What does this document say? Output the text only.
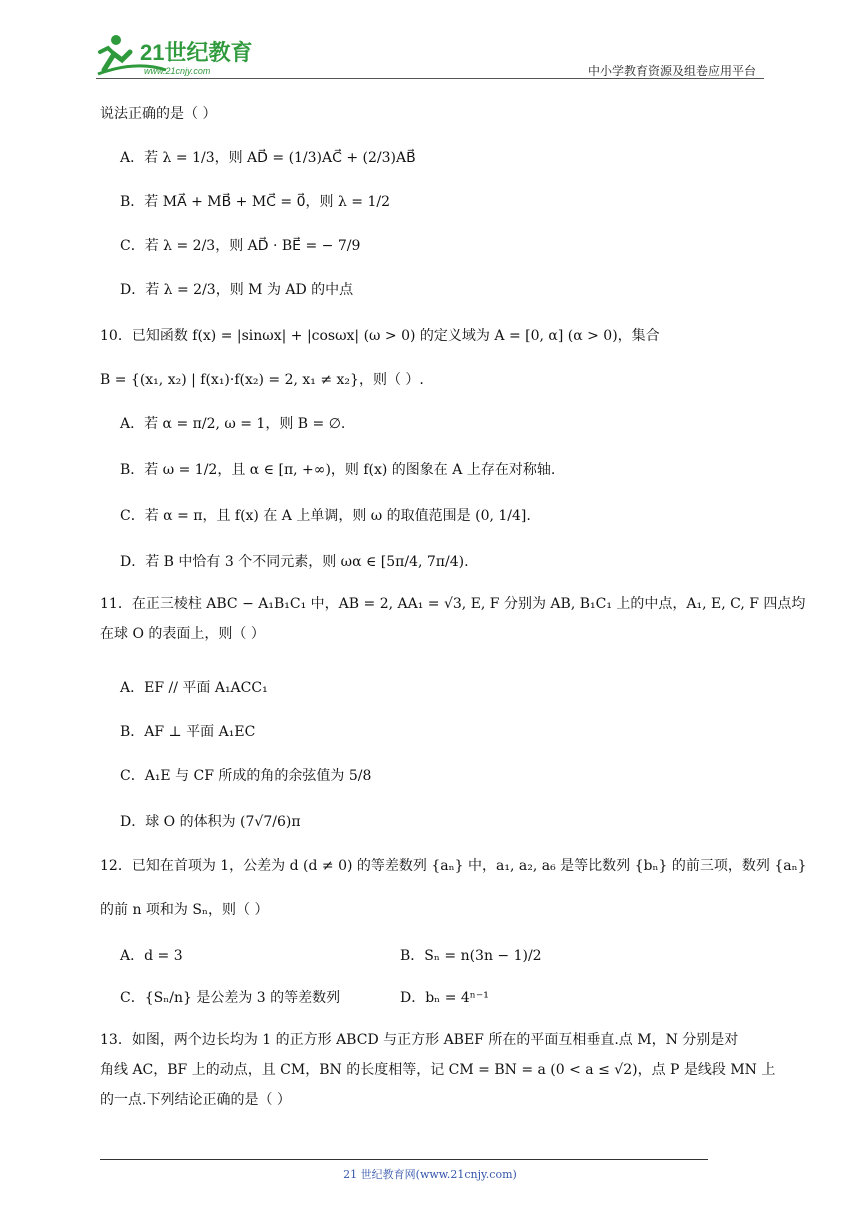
21世纪教育
www.21cnjy.com	中小学教育资源及组卷应用平台
说法正确的是（ ）
A．若 λ = 1/3，则 AD⃗ = (1/3)AC⃗ + (2/3)AB⃗
B．若 MA⃗ + MB⃗ + MC⃗ = 0⃗，则 λ = 1/2
C．若 λ = 2/3，则 AD⃗ · BE⃗ = − 7/9
D．若 λ = 2/3，则 M 为 AD 的中点
10．已知函数 f(x) = |sinωx| + |cosωx| (ω > 0) 的定义域为 A = [0, α] (α > 0)，集合
B = {(x₁, x₂) | f(x₁)·f(x₂) = 2, x₁ ≠ x₂}，则（ ）.
A．若 α = π/2, ω = 1，则 B = ∅.
B．若 ω = 1/2，且 α ∈ [π, +∞)，则 f(x) 的图象在 A 上存在对称轴.
C．若 α = π，且 f(x) 在 A 上单调，则 ω 的取值范围是 (0, 1/4].
D．若 B 中恰有 3 个不同元素，则 ωα ∈ [5π/4, 7π/4).
11．在正三棱柱 ABC − A₁B₁C₁ 中，AB = 2, AA₁ = √3, E, F 分别为 AB, B₁C₁ 上的中点，A₁, E, C, F 四点均
在球 O 的表面上，则（ ）
A．EF // 平面 A₁ACC₁
B．AF ⊥ 平面 A₁EC
C．A₁E 与 CF 所成的角的余弦值为 5/8
D．球 O 的体积为 (7√7/6)π
12．已知在首项为 1，公差为 d (d ≠ 0) 的等差数列 {aₙ} 中，a₁, a₂, a₆ 是等比数列 {bₙ} 的前三项，数列 {aₙ}
的前 n 项和为 Sₙ，则（ ）
A．d = 3	B．Sₙ = n(3n − 1)/2
C．{Sₙ/n} 是公差为 3 的等差数列	D．bₙ = 4ⁿ⁻¹
13．如图，两个边长均为 1 的正方形 ABCD 与正方形 ABEF 所在的平面互相垂直.点 M，N 分别是对
角线 AC，BF 上的动点，且 CM，BN 的长度相等，记 CM = BN = a (0 < a ≤ √2)，点 P 是线段 MN 上
的一点.下列结论正确的是（ ）
21 世纪教育网(www.21cnjy.com)
